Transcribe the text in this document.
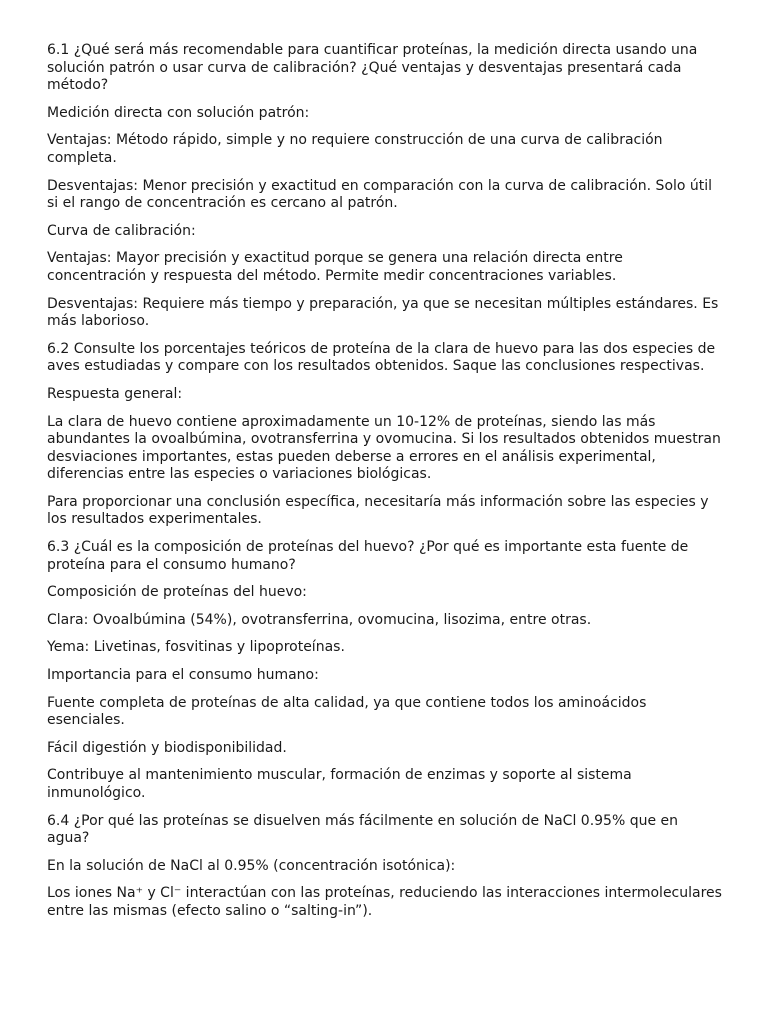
6.1 ¿Qué será más recomendable para cuantificar proteínas, la medición directa usando una solución patrón o usar curva de calibración? ¿Qué ventajas y desventajas presentará cada método?

Medición directa con solución patrón:

Ventajas: Método rápido, simple y no requiere construcción de una curva de calibración completa.

Desventajas: Menor precisión y exactitud en comparación con la curva de calibración. Solo útil si el rango de concentración es cercano al patrón.

Curva de calibración:

Ventajas: Mayor precisión y exactitud porque se genera una relación directa entre concentración y respuesta del método. Permite medir concentraciones variables.

Desventajas: Requiere más tiempo y preparación, ya que se necesitan múltiples estándares. Es más laborioso.

6.2 Consulte los porcentajes teóricos de proteína de la clara de huevo para las dos especies de aves estudiadas y compare con los resultados obtenidos. Saque las conclusiones respectivas.

Respuesta general:

La clara de huevo contiene aproximadamente un 10-12% de proteínas, siendo las más abundantes la ovoalbúmina, ovotransferrina y ovomucina. Si los resultados obtenidos muestran desviaciones importantes, estas pueden deberse a errores en el análisis experimental, diferencias entre las especies o variaciones biológicas.

Para proporcionar una conclusión específica, necesitaría más información sobre las especies y los resultados experimentales.

6.3 ¿Cuál es la composición de proteínas del huevo? ¿Por qué es importante esta fuente de proteína para el consumo humano?

Composición de proteínas del huevo:

Clara: Ovoalbúmina (54%), ovotransferrina, ovomucina, lisozima, entre otras.

Yema: Livetinas, fosvitinas y lipoproteínas.

Importancia para el consumo humano:

Fuente completa de proteínas de alta calidad, ya que contiene todos los aminoácidos esenciales.

Fácil digestión y biodisponibilidad.

Contribuye al mantenimiento muscular, formación de enzimas y soporte al sistema inmunológico.

6.4 ¿Por qué las proteínas se disuelven más fácilmente en solución de NaCl 0.95% que en agua?

En la solución de NaCl al 0.95% (concentración isotónica):

Los iones Na⁺ y Cl⁻ interactúan con las proteínas, reduciendo las interacciones intermoleculares entre las mismas (efecto salino o “salting-in”).
